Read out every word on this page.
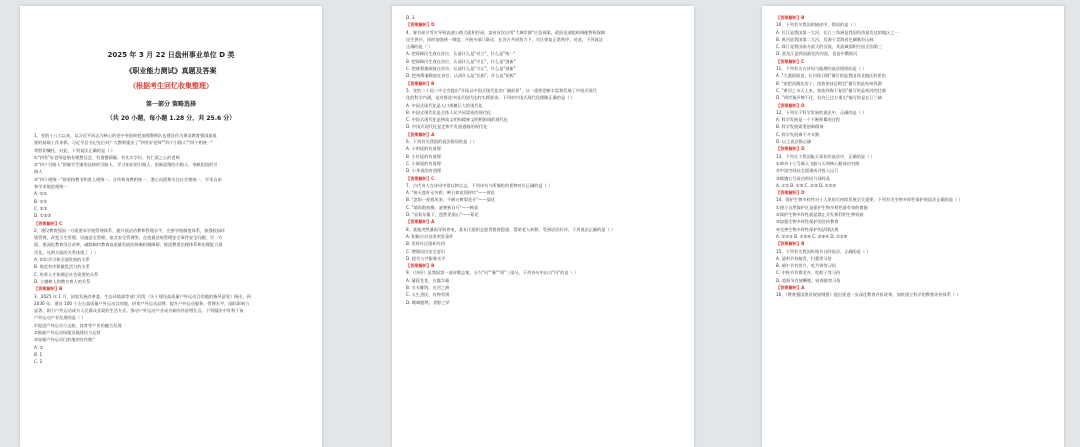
2025 年 3 月 22 日盘州事业单位 D 类
《职业能力测试》真题及答案
（根据考生回忆收集整理）
第一部分 策略选择
（共 20 小题，每小题 1.28 分，共 25.6 分）

1、党的十八大以来，以习近平同志为核心的党中央始终把加强教师队伍建设作为建设教育强国最重

要的基础工作来抓。习近平总书记先后对广大教师提出了"四有好老师""四个引路人""四个相统一"

等殷切嘱托。对此，下列说法正确的是（ ）

①"四有"好老师是指有理想信念、有道德情操、有扎实学识、有仁爱之心的老师

②"四个引路人"即做学生锤炼品格的引路人、学习知识的引路人、创新思维的引路人、奉献祖国的引

路人

③"四个相统一"即坚持教书和育人相统一、言传和身教相统一、潜心问道和关注社会相统一、学术自由

和学术规范相统一

A. ①②

B. ①③

C. ②③

D. ①②③

【答案解析】C

2、建设教育强国一方面要求学校管理体系、提升依法治教和管理水平，完善学校制度体系，加强校园环

境管理，改变卫生管理、设施安全管理、宿舍安全管理等，在依据法规管理安全事件安全问题；另一方

面，要深化教育综合改革，破除制约教育高质量发展的体制机制障碍，推进教育治理体系和治理能力现

代化。这两方面的关系体现了（ ）

A. 知识学习和全面发展的关系

B. 规范有序和激发活力的关系

C. 培养人才和满足社会需要的关系

D. 立德树人和教书育人的关系

【答案解析】B

3、2025 年 1 月，国家发展改革委、生态环境部等部门印发《关于建设高质量户外运动目的地的指导意见》指出，到

2030 年，建设 100 个左右高质量户外运动目的地，培育户外运动品牌，提升户外运动服务、管理水平，国际影响力

显著，助力户外运动成为人民群众喜爱的生活方式。推动户外运动产业成为新的经济增长点。下列做法中有利于该

户外运动产业发展的是（ ）

①促进户外运动与文旅、体育等产业的融合发展

②鼓励户外运动场地设施建设与运营

③加强户外运动目的地的宣传推广

A. ①

B. 1

C. 2

D. 3

【答案解析】D

4、春节前夕雪灾导致高速公路大面积封闭，某省首次启用"大城市群"应急预案，政府迅速组织调配物资保障

民生供应，同时加强统一调度，开展多部门联动，在各方共同努力下，灾区恢复正常秩序。对此，下列说法

正确的是（ ）

A. 把保障民生放在首位，认清什么是"对立"，什么是"统一"

B. 把保障民生放在首位，认清什么是"守正"，什么是"创新"

C. 把统筹兼顾放在首位，认清什么是"守正"，什么是"创新"

D. 把统筹兼顾放在首位，认清什么是"长板"，什么是"短板"

【答案解析】B

5、党的二十届三中全会提出"开拓以中国式现代化的广阔前景"，这一重要论断丰富和发展了中国式现代

化的科学内涵，是对推进中国式现代化的实践要求。下列对中国式现代化理解正确的是（ ）

A. 中国式现代化是人口规模巨大的现代化

B. 中国式现代化是全体人民共同富裕的现代化

C. 中国式现代化是物质文明和精神文明相协调的现代化

D. 中国式现代化是走和平发展道路的现代化

【答案解析】A

6、下列有关我国的说法错误的是（ ）

A. 小明说的有道理

B. 小红说的有道理

C. 小刚说的有道理

D. 小华说的有道理

【答案解析】C

7、古代诗人在诗词中常以物言志，下列诗句与所描绘的景物对应正确的是（ ）

A. "接天莲叶无穷碧，映日荷花别样红"——荷花

B. "忽如一夜春风来，千树万树梨花开"——梨花

C. "墙角数枝梅，凌寒独自开"——梅花

D. "采菊东篱下，悠然见南山"——菊花

【答案解析】A

8、某地突然暴雨导致停电，某社区组织志愿者排查隐患、帮助老人转移，受到居民好评。下列说法正确的是（ ）

A. 积极应对各类突发事件

B. 发挥社区组织作用

C. 增强居民安全意识

D. 提升公共服务水平

【答案解析】B

9、《诗经》是我国第一部诗歌总集，分为"风""雅""颂"三部分，下列诗句中出自"风"的是（ ）

A. 蒹葭苍苍，白露为霜

B. 关关雎鸠，在河之洲

C. 天生烝民，有物有则

D. 呦呦鹿鸣，食野之苹

【答案解析】B

10、下列有关我国的描述中，错误的是（ ）

A. 长江是我国第一大河，长江三角洲是我国经济最发达的地区之一

B. 黄河是我国第二大河，发源于青海省巴颜喀拉山脉

C. 珠江是我国南方最大的河流，其流域面积位居全国第三

D. 黑龙江是我国最北的河流，也是中俄界河

【答案解析】C

11、下列有关古诗词与地理的说法错误的是（ ）

A. "大漠孤烟直，长河落日圆"描写的是我国西北地区的景色

B. "欲把西湖比西子，淡妆浓抹总相宜"描写的是杭州西湖

C. "黄河之水天上来，奔流到海不复回"描写的是黄河的壮观

D. "两岸猿声啼不住，轻舟已过万重山"描写的是长江三峡

【答案解析】D

12、下列关于科学发展的说法中，正确的是（ ）

A. 科学发展是一个不断积累的过程

B. 科学发展需要创新精神

C. 科学发展离不开实践

D. 以上说法都正确

【答案解析】D

13、下列关于我国航天事业的说法中，正确的是（ ）

①神舟十七号载人飞船与天和核心舱成功对接

②中国空间站全面建成并投入运行

③嫦娥五号成功带回月球样品

A. ①② B. ①③ C. ②③ D. ①②③

【答案解析】D

14、保护生物多样性对于人类的可持续发展至关重要，下列有关生物多样性保护的说法正确的是（ ）

①建立自然保护区是保护生物多样性最有效的措施

②保护生物多样性就是禁止开发和利用生物资源

③加强生物多样性保护的宣传教育

④完善生物多样性保护的法律法规

A. ①②③ B. ①③④ C. ②③④ D. ①②④

【答案解析】B

15、下列有关我国传统节日的说法，正确的是（ ）

A. 清明节有踏青、扫墓等习俗

B. 端午节有赏月、吃月饼等习俗

C. 中秋节有赛龙舟、吃粽子等习俗

D. 重阳节有放鞭炮、贴春联等习俗

【答案解析】A

16、《教育强国建设规划纲要》提出要进一步深化教育评价改革，加快建立科学的教育评价体系（ ）
